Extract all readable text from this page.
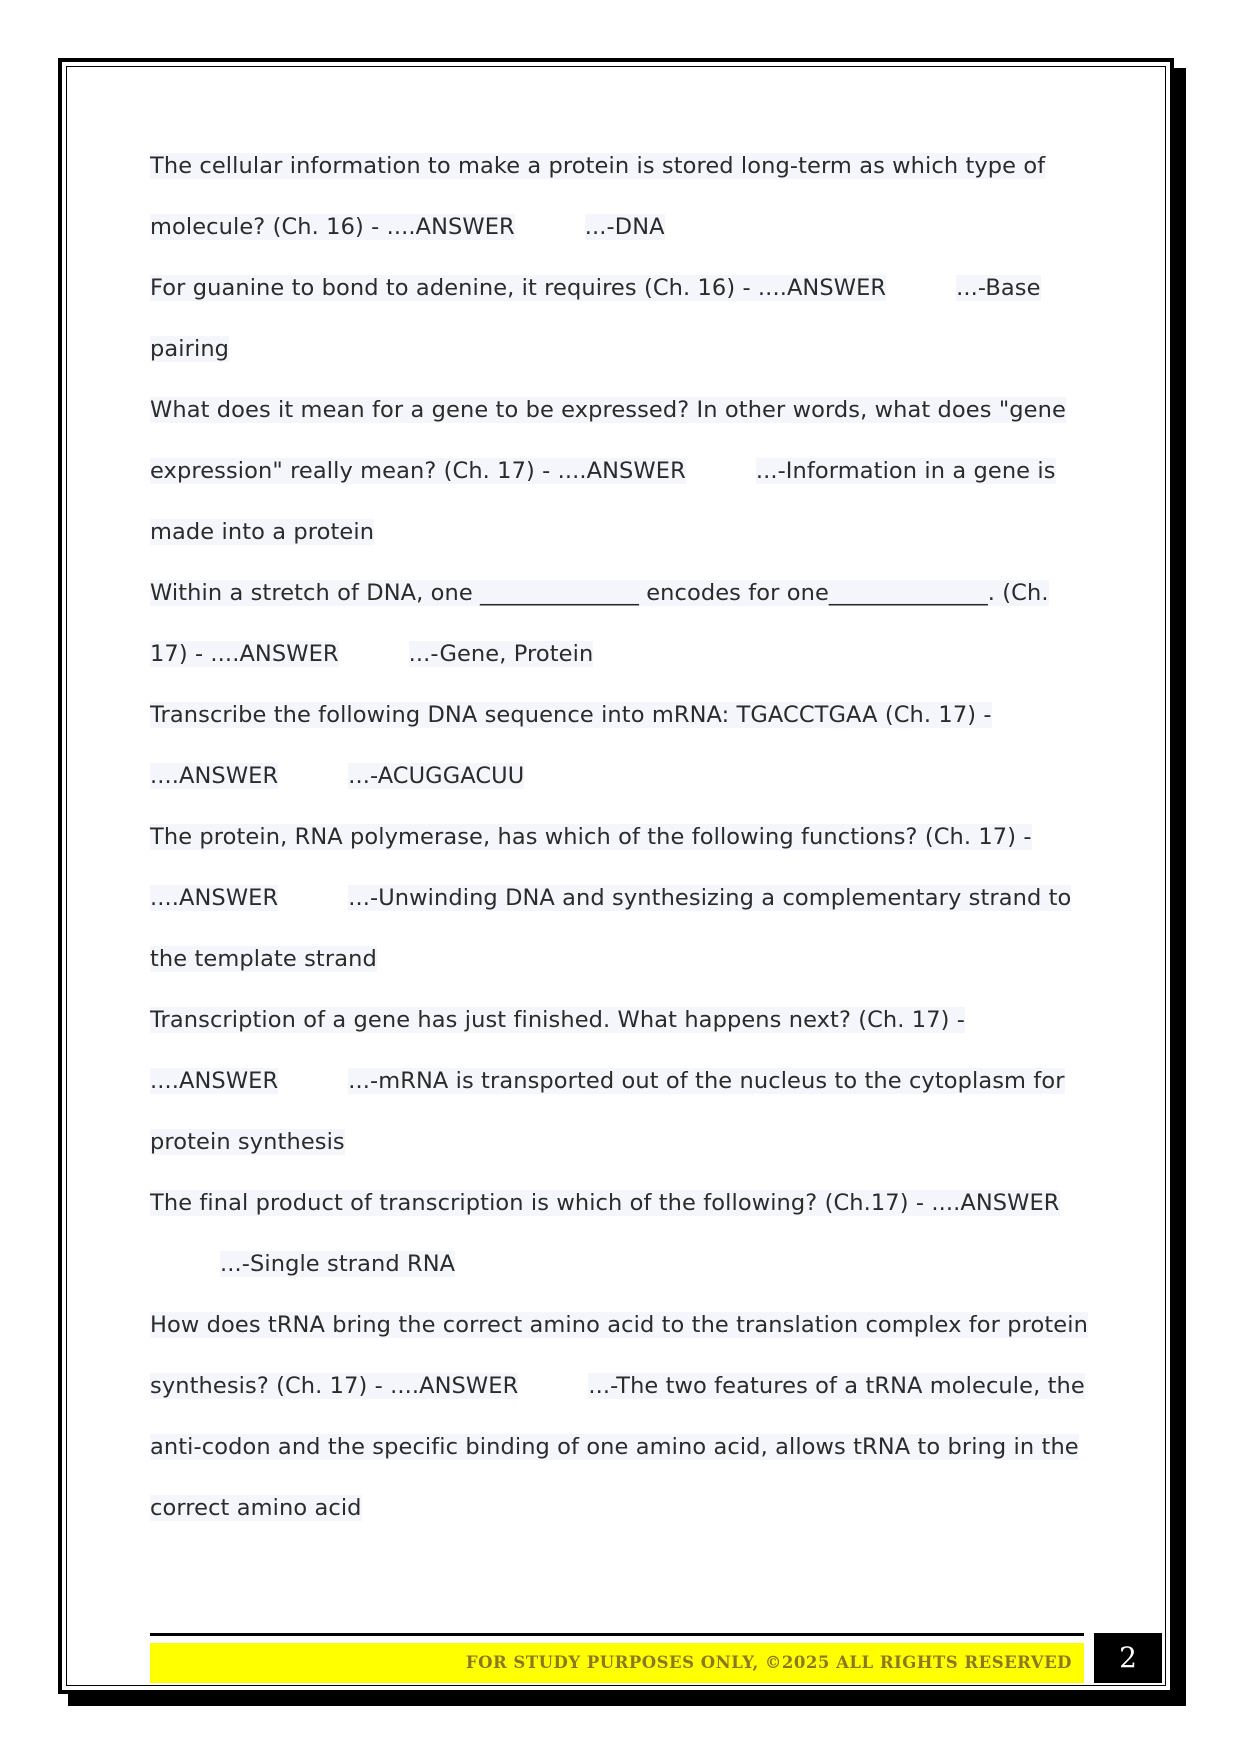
The cellular information to make a protein is stored long-term as which type of molecule? (Ch. 16) - ....ANSWER	...-DNA

For guanine to bond to adenine, it requires (Ch. 16) - ....ANSWER	...-Base pairing

What does it mean for a gene to be expressed? In other words, what does "gene expression" really mean? (Ch. 17) - ....ANSWER	...-Information in a gene is made into a protein

Within a stretch of DNA, one ______________ encodes for one______________. (Ch. 17) - ....ANSWER	...-Gene, Protein

Transcribe the following DNA sequence into mRNA: TGACCTGAA (Ch. 17) - ....ANSWER	...-ACUGGACUU

The protein, RNA polymerase, has which of the following functions? (Ch. 17) - ....ANSWER	...-Unwinding DNA and synthesizing a complementary strand to the template strand

Transcription of a gene has just finished. What happens next? (Ch. 17) - ....ANSWER	...-mRNA is transported out of the nucleus to the cytoplasm for protein synthesis

The final product of transcription is which of the following? (Ch.17) - ....ANSWER...-Single strand RNA

How does tRNA bring the correct amino acid to the translation complex for protein synthesis? (Ch. 17) - ....ANSWER	...-The two features of a tRNA molecule, the anti-codon and the specific binding of one amino acid, allows tRNA to bring in the correct amino acid

FOR STUDY PURPOSES ONLY, ©2025 ALL RIGHTS RESERVED	2
